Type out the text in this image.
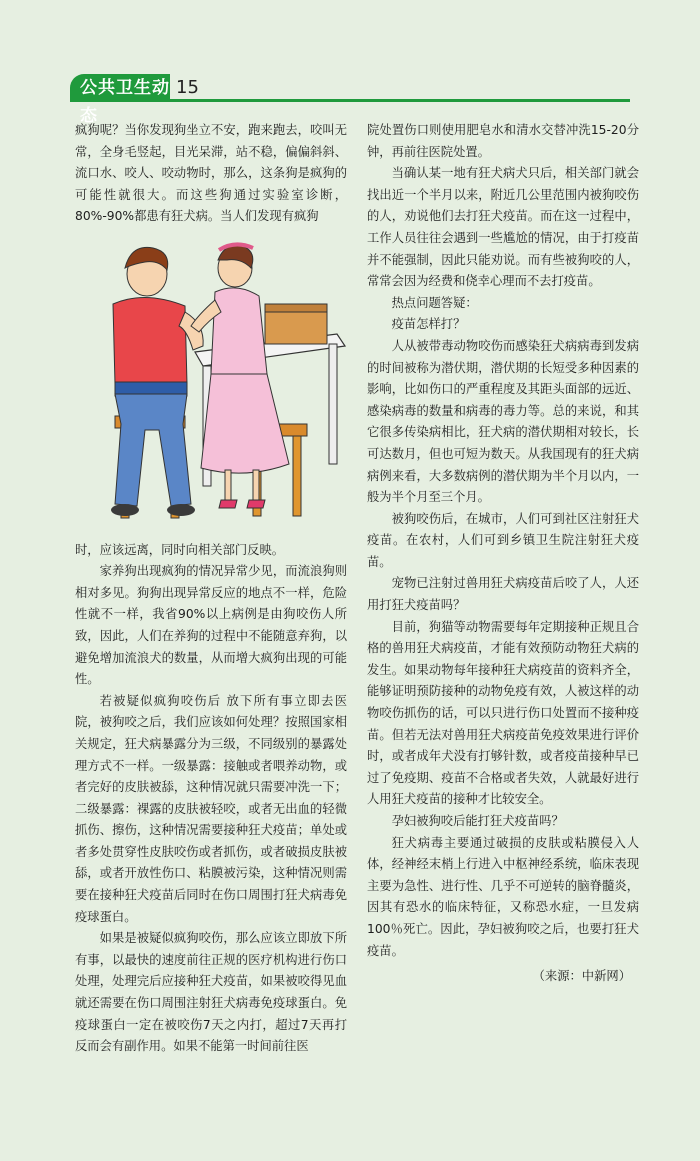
公共卫生动态
15

疯狗呢？当你发现狗坐立不安，跑来跑去，咬叫无常，全身毛竖起，目光呆滞，站不稳，偏偏斜斜、流口水、咬人、咬动物时，那么，这条狗是疯狗的可能性就很大。而这些狗通过实验室诊断，80%-90%都患有狂犬病。当人们发现有疯狗

时，应该远离，同时向相关部门反映。

家养狗出现疯狗的情况异常少见，而流浪狗则相对多见。狗狗出现异常反应的地点不一样，危险性就不一样，我省90%以上病例是由狗咬伤人所致，因此，人们在养狗的过程中不能随意弃狗，以避免增加流浪犬的数量，从而增大疯狗出现的可能性。

若被疑似疯狗咬伤后 放下所有事立即去医院，被狗咬之后，我们应该如何处理？按照国家相关规定，狂犬病暴露分为三级，不同级别的暴露处理方式不一样。一级暴露：接触或者喂养动物，或者完好的皮肤被舔，这种情况就只需要冲洗一下；二级暴露：裸露的皮肤被轻咬，或者无出血的轻微抓伤、擦伤，这种情况需要接种狂犬疫苗；单处或者多处贯穿性皮肤咬伤或者抓伤，或者破损皮肤被舔，或者开放性伤口、粘膜被污染，这种情况则需要在接种狂犬疫苗后同时在伤口周围打狂犬病毒免疫球蛋白。

如果是被疑似疯狗咬伤，那么应该立即放下所有事，以最快的速度前往正规的医疗机构进行伤口处理，处理完后应接种狂犬疫苗，如果被咬得见血就还需要在伤口周围注射狂犬病毒免疫球蛋白。免疫球蛋白一定在被咬伤7天之内打，超过7天再打反而会有副作用。如果不能第一时间前往医

院处置伤口则使用肥皂水和清水交替冲洗15-20分钟，再前往医院处置。

当确认某一地有狂犬病犬只后，相关部门就会找出近一个半月以来，附近几公里范围内被狗咬伤的人，劝说他们去打狂犬疫苗。而在这一过程中，工作人员往往会遇到一些尴尬的情况，由于打疫苗并不能强制，因此只能劝说。而有些被狗咬的人，常常会因为经费和侥幸心理而不去打疫苗。

热点问题答疑：

疫苗怎样打？

人从被带毒动物咬伤而感染狂犬病病毒到发病的时间被称为潜伏期，潜伏期的长短受多种因素的影响，比如伤口的严重程度及其距头面部的远近、感染病毒的数量和病毒的毒力等。总的来说，和其它很多传染病相比，狂犬病的潜伏期相对较长，长可达数月，但也可短为数天。从我国现有的狂犬病病例来看，大多数病例的潜伏期为半个月以内，一般为半个月至三个月。

被狗咬伤后，在城市，人们可到社区注射狂犬疫苗。在农村，人们可到乡镇卫生院注射狂犬疫苗。

宠物已注射过兽用狂犬病疫苗后咬了人，人还用打狂犬疫苗吗？

目前，狗猫等动物需要每年定期接种正规且合格的兽用狂犬病疫苗，才能有效预防动物狂犬病的发生。如果动物每年接种狂犬病疫苗的资料齐全，能够证明预防接种的动物免疫有效，人被这样的动物咬伤抓伤的话，可以只进行伤口处置而不接种疫苗。但若无法对兽用狂犬病疫苗免疫效果进行评价时，或者成年犬没有打够针数，或者疫苗接种早已过了免疫期、疫苗不合格或者失效，人就最好进行人用狂犬疫苗的接种才比较安全。

孕妇被狗咬后能打狂犬疫苗吗？

狂犬病毒主要通过破损的皮肤或粘膜侵入人体，经神经末梢上行进入中枢神经系统，临床表现主要为急性、进行性、几乎不可逆转的脑脊髓炎，因其有恐水的临床特征，又称恐水症，一旦发病100％死亡。因此，孕妇被狗咬之后，也要打狂犬疫苗。

（来源：中新网）
